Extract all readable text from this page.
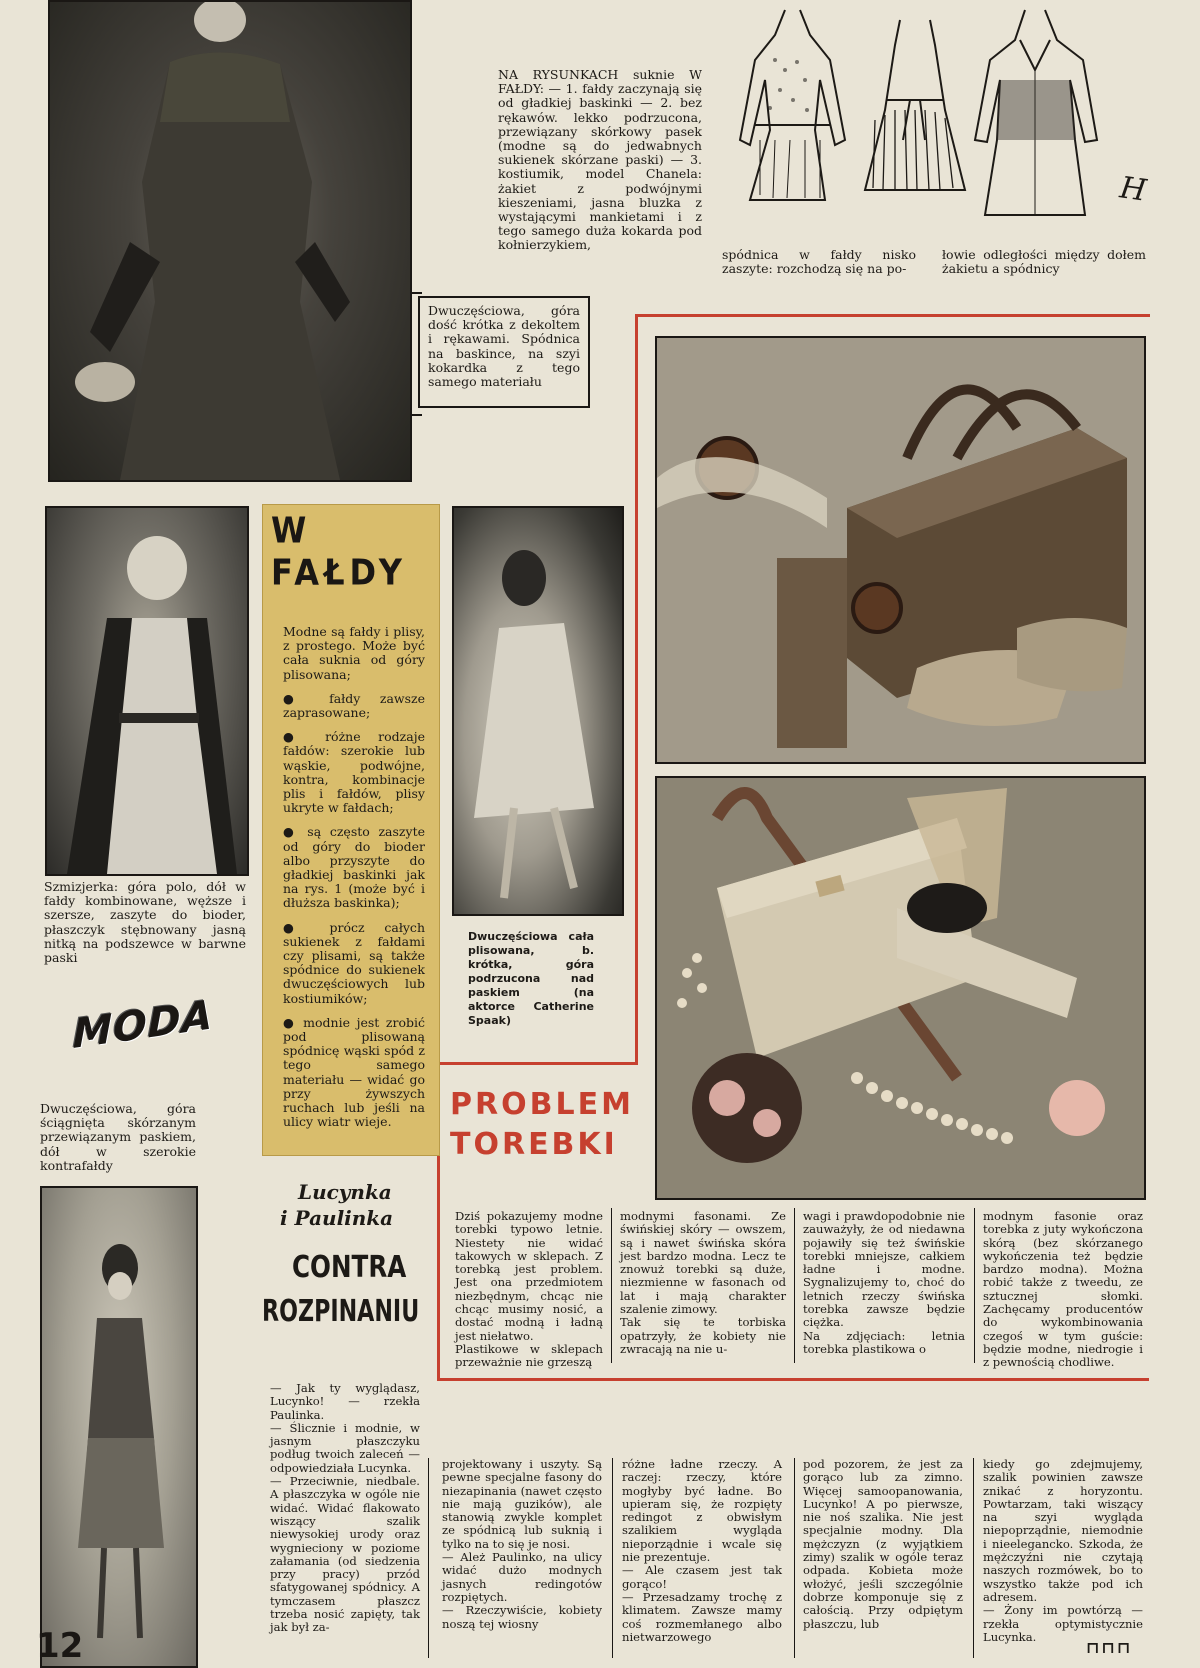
NA RYSUNKACH suknie W FAŁDY: — 1. fałdy zaczynają się od gładkiej baskinki — 2. bez rękawów. lekko podrzucona, przewiązany skórkowy pasek (modne są do jedwabnych sukienek skórzane paski) — 3. kostiumik, model Chanela: żakiet z podwójnymi kieszeniami, jasna bluzka z wystającymi mankietami i z tego samego duża kokarda pod kołnierzykiem,
H
spódnica w fałdy nisko zaszyte: rozchodzą się na po-
łowie odległości między dołem żakietu a spódnicy
Dwuczęściowa, góra dość krótka z dekoltem i rękawami. Spódnica na baskince, na szyi kokardka z tego samego materiału
PROBLEM
TOREBKI
Dziś pokazujemy modne torebki typowo letnie. Niestety nie widać takowych w sklepach. Z torebką jest problem. Jest ona przedmiotem niezbędnym, chcąc nie chcąc musimy nosić, a dostać modną i ładną jest niełatwo.
Plastikowe w sklepach przeważnie nie grzeszą
modnymi fasonami. Ze świńskiej skóry — owszem, są i nawet świńska skóra jest bardzo modna. Lecz te znowuż torebki są duże, niezmienne w fasonach od lat i mają charakter szalenie zimowy.
Tak się te torbiska opatrzyły, że kobiety nie zwracają na nie u-
wagi i prawdopodobnie nie zauważyły, że od niedawna pojawiły się też świńskie torebki mniejsze, całkiem ładne i modne. Sygnalizujemy to, choć do letnich rzeczy świńska torebka zawsze będzie ciężka.
Na zdjęciach: letnia torebka plastikowa o
modnym fasonie oraz torebka z juty wykończona skórą (bez skórzanego wykończenia też będzie bardzo modna). Można robić także z tweedu, ze sztucznej słomki. Zachęcamy producentów do wykombinowania czegoś w tym guście: będzie modne, niedrogie i z pewnością chodliwe.
Szmizjerka: góra polo, dół w fałdy kombinowane, węższe i szersze, zaszyte do bioder, płaszczyk stębnowany jasną nitką na podszewce w barwne paski
MODA
Dwuczęściowa, góra ściągnięta skórzanym przewiązanym paskiem, dół w szerokie kontrafałdy
12
W FAŁDY
Modne są fałdy i plisy, z prostego. Może być cała suknia od góry plisowana;
● fałdy zawsze zaprasowane;
● różne rodzaje fałdów: szerokie lub wąskie, podwójne, kontra, kombinacje plis i fałdów, plisy ukryte w fałdach;
● są często zaszyte od góry do bioder albo przyszyte do gładkiej baskinki jak na rys. 1 (może być i dłuższa baskinka);
● prócz całych sukienek z fałdami czy plisami, są także spódnice do sukienek dwuczęściowych lub kostiumików;
● modnie jest zrobić pod plisowaną spódnicę wąski spód z tego samego materiału — widać go przy żywszych ruchach lub jeśli na ulicy wiatr wieje.
Dwuczęściowa cała plisowana, b. krótka, góra podrzucona nad paskiem (na aktorce Catherine Spaak)
Lucynka
i Paulinka
CONTRA
ROZPINANIU
— Jak ty wyglądasz, Lucynko! — rzekła Paulinka.
— Ślicznie i modnie, w jasnym płaszczyku podług twoich zaleceń — odpowiedziała Lucynka.
— Przeciwnie, niedbale. A płaszczyka w ogóle nie widać. Widać flakowato wiszący szalik niewysokiej urody oraz wygnieciony w poziome załamania (od siedzenia przy pracy) przód sfatygowanej spódnicy. A tymczasem płaszcz trzeba nosić zapięty, tak jak był za-
projektowany i uszyty. Są pewne specjalne fasony do niezapinania (nawet często nie mają guzików), ale stanowią zwykle komplet ze spódnicą lub suknią i tylko na to się je nosi.
— Ależ Paulinko, na ulicy widać dużo modnych jasnych redingotów rozpiętych.
— Rzeczywiście, kobiety noszą tej wiosny
różne ładne rzeczy. A raczej: rzeczy, które mogłyby być ładne. Bo upieram się, że rozpięty redingot z obwisłym szalikiem wygląda nieporządnie i wcale się nie prezentuje.
— Ale czasem jest tak gorąco!
— Przesadzamy trochę z klimatem. Zawsze mamy coś rozmemłanego albo nietwarzowego
pod pozorem, że jest za gorąco lub za zimno. Więcej samoopanowania, Lucynko! A po pierwsze, nie noś szalika. Nie jest specjalnie modny. Dla mężczyzn (z wyjątkiem zimy) szalik w ogóle teraz odpada. Kobieta może włożyć, jeśli szczególnie dobrze komponuje się z całością. Przy odpiętym płaszczu, lub
kiedy go zdejmujemy, szalik powinien zawsze znikać z horyzontu. Powtarzam, taki wiszący na szyi wygląda niepoprządnie, niemodnie i nieelegancko. Szkoda, że mężczyźni nie czytają naszych rozmówek, bo to wszystko także pod ich adresem.
— Żony im powtórzą — rzekła optymistycznie Lucynka.
⊓⊓⊓
